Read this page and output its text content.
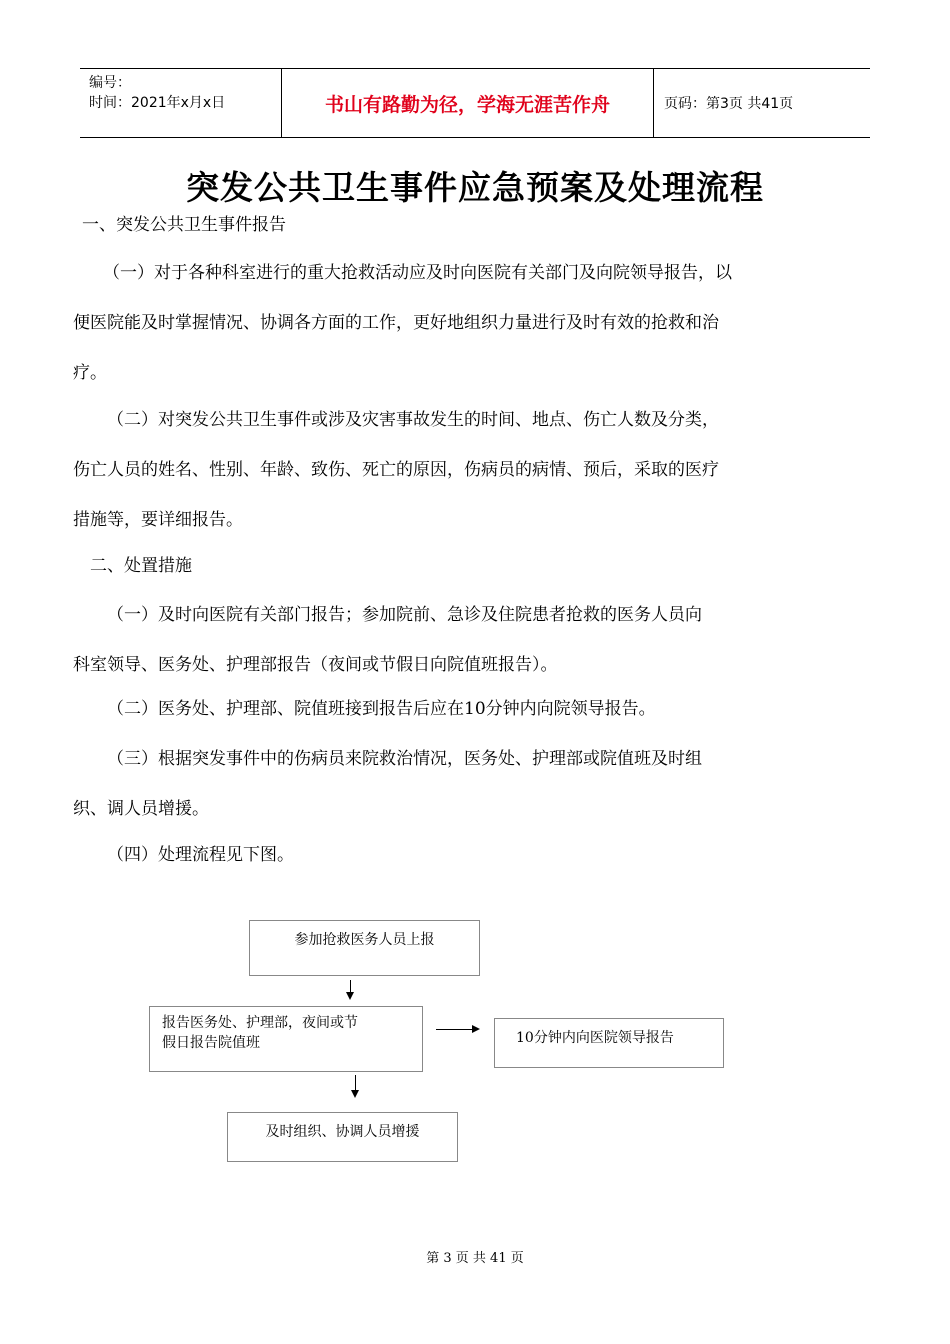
编号：
时间：2021年x月x日	书山有路勤为径，学海无涯苦作舟	页码：第3页 共41页
突发公共卫生事件应急预案及处理流程
一、突发公共卫生事件报告
（一）对于各种科室进行的重大抢救活动应及时向医院有关部门及向院领导报告，以
便医院能及时掌握情况、协调各方面的工作，更好地组织力量进行及时有效的抢救和治
疗。
（二）对突发公共卫生事件或涉及灾害事故发生的时间、地点、伤亡人数及分类，
伤亡人员的姓名、性别、年龄、致伤、死亡的原因，伤病员的病情、预后，采取的医疗
措施等，要详细报告。
二、处置措施
（一）及时向医院有关部门报告；参加院前、急诊及住院患者抢救的医务人员向
科室领导、医务处、护理部报告（夜间或节假日向院值班报告）。
（二）医务处、护理部、院值班接到报告后应在10分钟内向院领导报告。
（三）根据突发事件中的伤病员来院救治情况，医务处、护理部或院值班及时组
织、调人员增援。
（四）处理流程见下图。
参加抢救医务人员上报
报告医务处、护理部，夜间或节
假日报告院值班	10分钟内向医院领导报告
及时组织、协调人员增援
第 3 页 共 41 页
